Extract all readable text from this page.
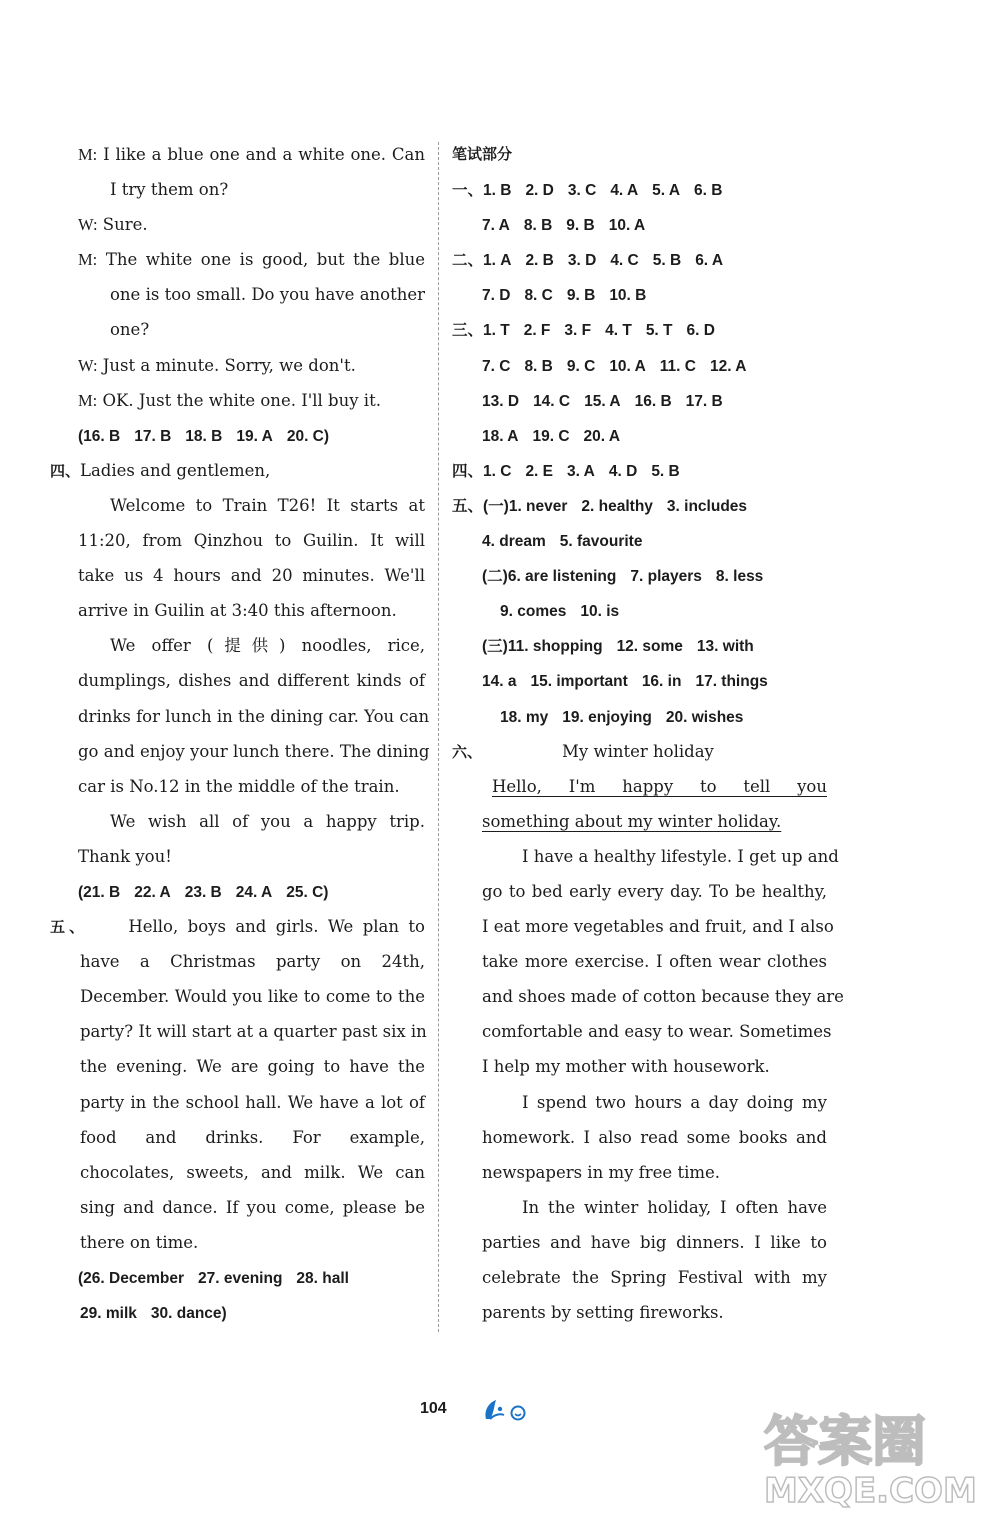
M: I like a blue one and a white one. Can
I try them on?
W: Sure.
M: The white one is good, but the blue
one is too small. Do you have another
one?
W: Just a minute. Sorry, we don't.
M: OK. Just the white one. I'll buy it.
(16. B 17. B 18. B 19. A 20. C)
四、Ladies and gentlemen,
Welcome to Train T26! It starts at
11:20, from Qinzhou to Guilin. It will
take us 4 hours and 20 minutes. We'll
arrive in Guilin at 3:40 this afternoon.
We offer (提供) noodles, rice,
dumplings, dishes and different kinds of
drinks for lunch in the dining car. You can
go and enjoy your lunch there. The dining
car is No.12 in the middle of the train.
We wish all of you a happy trip.
Thank you!
(21. B 22. A 23. B 24. A 25. C)
五、 Hello, boys and girls. We plan to
have a Christmas party on 24th,
December. Would you like to come to the
party? It will start at a quarter past six in
the evening. We are going to have the
party in the school hall. We have a lot of
food and drinks. For example,
chocolates, sweets, and milk. We can
sing and dance. If you come, please be
there on time.
(26. December 27. evening 28. hall
29. milk 30. dance)
笔试部分
一、1. B 2. D 3. C 4. A 5. A 6. B
7. A 8. B 9. B 10. A
二、1. A 2. B 3. D 4. C 5. B 6. A
7. D 8. C 9. B 10. B
三、1. T 2. F 3. F 4. T 5. T 6. D
7. C 8. B 9. C 10. A 11. C 12. A
13. D 14. C 15. A 16. B 17. B
18. A 19. C 20. A
四、1. C 2. E 3. A 4. D 5. B
五、(一)1. never 2. healthy 3. includes
4. dream 5. favourite
(二)6. are listening 7. players 8. less
9. comes 10. is
(三)11. shopping 12. some 13. with
14. a 15. important 16. in 17. things
18. my 19. enjoying 20. wishes
六、	My winter holiday
Hello, I'm happy to tell you
something about my winter holiday.
I have a healthy lifestyle. I get up and
go to bed early every day. To be healthy,
I eat more vegetables and fruit, and I also
take more exercise. I often wear clothes
and shoes made of cotton because they are
comfortable and easy to wear. Sometimes
I help my mother with housework.
I spend two hours a day doing my
homework. I also read some books and
newspapers in my free time.
In the winter holiday, I often have
parties and have big dinners. I like to
celebrate the Spring Festival with my
parents by setting fireworks.
104
答案圈
MXQE.COM
